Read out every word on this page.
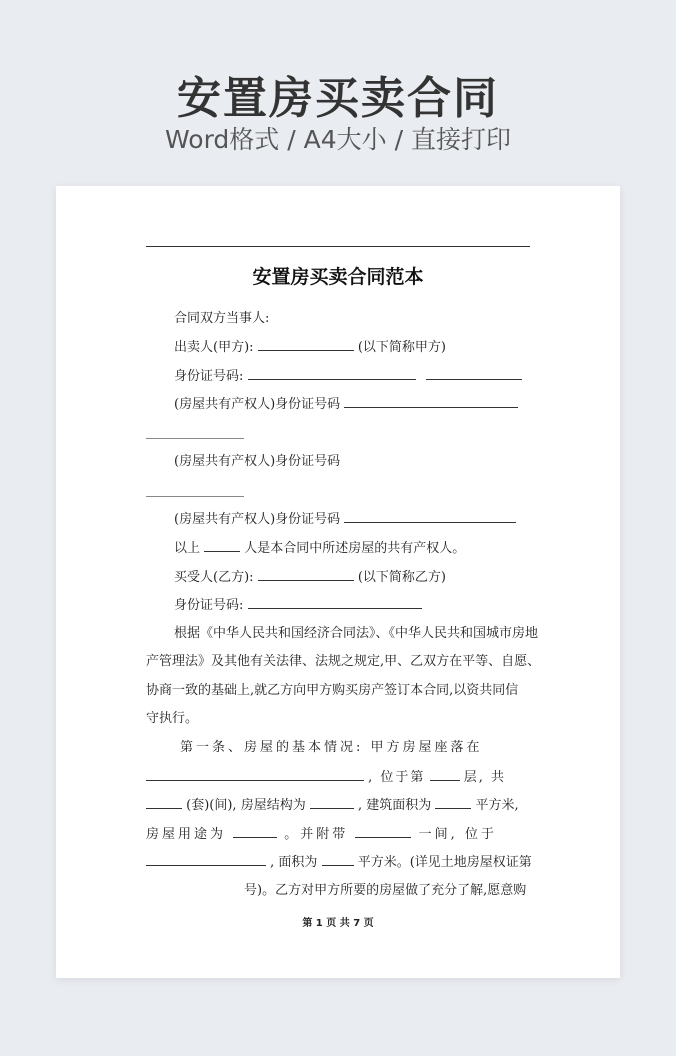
安置房买卖合同
Word格式 / A4大小 / 直接打印
安置房买卖合同范本
合同双方当事人:
出卖人(甲方):	(以下简称甲方)
身份证号码:
(房屋共有产权人)身份证号码
(房屋共有产权人)身份证号码
(房屋共有产权人)身份证号码
以上	人是本合同中所述房屋的共有产权人。
买受人(乙方):	(以下简称乙方)
身份证号码:
根据《中华人民共和国经济合同法》、《中华人民共和国城市房地
产管理法》及其他有关法律、法规之规定,甲、乙双方在平等、自愿、
协商一致的基础上,就乙方向甲方购买房产签订本合同,以资共同信
守执行。
第一条、房屋的基本情况: 甲方房屋座落在
, 位于第	层, 共
(套)(间), 房屋结构为	, 建筑面积为	平方米,
房屋用途为	。并附带	一间, 位于
, 面积为	平方米。(详见土地房屋权证第
号)。乙方对甲方所要的房屋做了充分了解,愿意购
第 1 页 共 7 页
